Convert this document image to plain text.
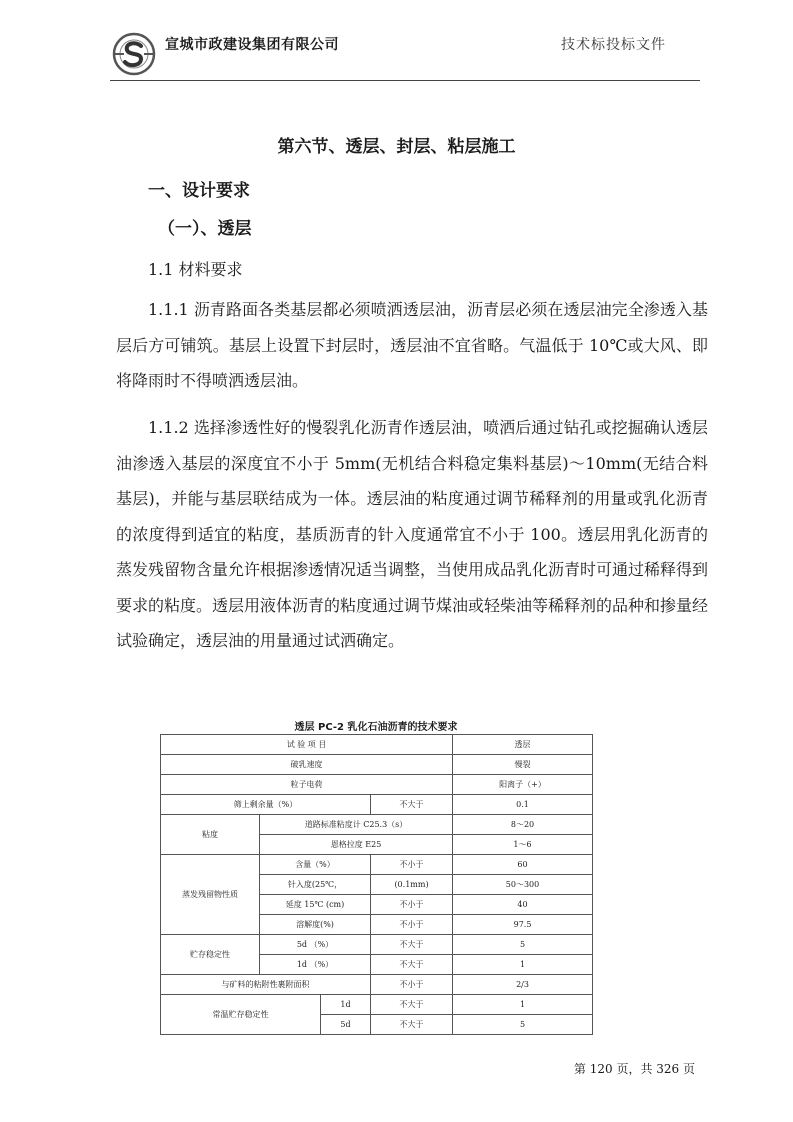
宣城市政建设集团有限公司	技术标投标文件
第六节、透层、封层、粘层施工
一、设计要求
（一）、透层
1.1 材料要求

1.1.1 沥青路面各类基层都必须喷洒透层油，沥青层必须在透层油完全渗透入基层后方可铺筑。基层上设置下封层时，透层油不宜省略。气温低于 10℃或大风、即将降雨时不得喷洒透层油。

1.1.2 选择渗透性好的慢裂乳化沥青作透层油，喷洒后通过钻孔或挖掘确认透层油渗透入基层的深度宜不小于 5mm(无机结合料稳定集料基层)～10mm(无结合料基层)，并能与基层联结成为一体。透层油的粘度通过调节稀释剂的用量或乳化沥青的浓度得到适宜的粘度，基质沥青的针入度通常宜不小于 100。透层用乳化沥青的蒸发残留物含量允许根据渗透情况适当调整，当使用成品乳化沥青时可通过稀释得到要求的粘度。透层用液体沥青的粘度通过调节煤油或轻柴油等稀释剂的品种和掺量经试验确定，透层油的用量通过试洒确定。

透层 PC-2 乳化石油沥青的技术要求
试 验 项 目				透层
破乳速度				慢裂
粒子电荷				阳离子（+）
筛上剩余量（%）			不大于	0.1
粘度	道路标准粘度计 C25.3（s）			8～20
	恩格拉度 E25			1～6
蒸发残留物性质	含量（%）		不小于	60
	针入度(25℃，		(0.1mm)	50～300
	延度 15℃ (cm)		不小于	40
	溶解度(%)		不小于	97.5
贮存稳定性	5d （%）		不大于	5
	1d （%）		不大于	1
与矿料的粘附性裹附面积			不小于	2/3
常温贮存稳定性		1d	不大于	1
		5d	不大于	5
第 120 页，共 326 页
